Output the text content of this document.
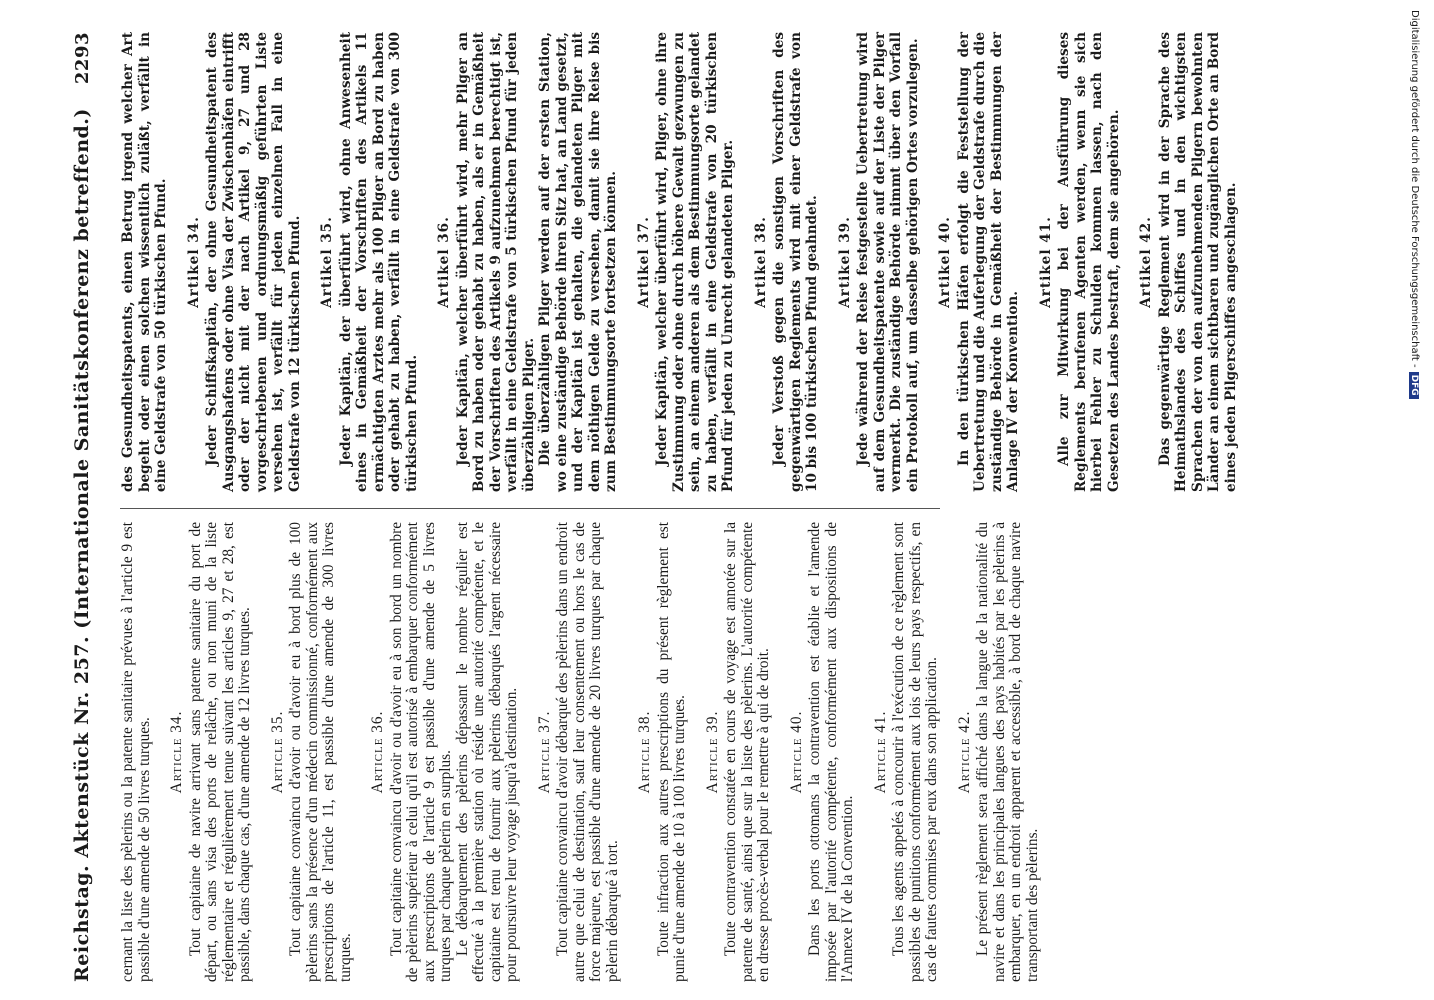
Reichstag. Aktenstück Nr. 257. (Internationale Sanitätskonferenz betreffend.)
2293

cernant la liste des pèlerins ou la patente sanitaire prévues à l'article 9 est passible d'une amende de 50 livres turques. Article 34. Tout capitaine de navire arrivant sans patente sanitaire du port de départ, ou sans visa des ports de relâche, ou non muni de la liste réglementaire et régulièrement tenue suivant les articles 9, 27 et 28, est passible, dans chaque cas, d'une amende de 12 livres turques. Article 35. Tout capitaine convaincu d'avoir ou d'avoir eu à bord plus de 100 pèlerins sans la présence d'un médecin commissionné, conformément aux prescriptions de l'article 11, est passible d'une amende de 300 livres turques.

Article 36. Tout capitaine convaincu d'avoir ou d'avoir eu à son bord un nombre de pèlerins supérieur à celui qu'il est autorisé à embarquer conformément aux prescriptions de l'article 9 est passible d'une amende de 5 livres turques par chaque pèlerin en surplus. Le débarquement des pèlerins dépassant le nombre régulier est effectué à la première station où réside une autorité compétente, et le capitaine est tenu de fournir aux pèlerins débarqués l'argent nécessaire pour poursuivre leur voyage jusqu'à destination. Article 37. Tout capitaine convaincu d'avoir débarqué des pèlerins dans un endroit autre que celui de destination, sauf leur consentement ou hors le cas de force majeure, est passible d'une amende de 20 livres turques par chaque pèlerin débarqué à tort.

Article 38. Toute infraction aux autres prescriptions du présent règlement est punie d'une amende de 10 à 100 livres turques. Article 39. Toute contravention constatée en cours de voyage est annotée sur la patente de santé, ainsi que sur la liste des pèlerins. L'autorité compétente en dresse procès-verbal pour le remettre à qui de droit. Article 40. Dans les ports ottomans la contravention est établie et l'amende imposée par l'autorité compétente, conformément aux dispositions de l'Annexe IV de la Convention.

Article 41. Tous les agents appelés à concourir à l'exécution de ce règlement sont passibles de punitions conformément aux lois de leurs pays respectifs, en cas de fautes commises par eux dans son application. Article 42. Le présent règlement sera affiché dans la langue de la nationalité du navire et dans les principales langues des pays habités par les pèlerins à embarquer, en un endroit apparent et accessible, à bord de chaque navire transportant des pèlerins.

des Gesundheitspatents, einen Betrug irgend welcher Art begeht oder einen solchen wissentlich zuläßt, verfällt in eine Geldstrafe von 50 türkischen Pfund. Artikel 34. Jeder Schiffskapitän, der ohne Gesundheitspatent des Ausgangshafens oder ohne Visa der Zwischenhäfen eintrifft oder der nicht mit der nach Artikel 9, 27 und 28 vorgeschriebenen und ordnungsmäßig geführten Liste versehen ist, verfällt für jeden einzelnen Fall in eine Geldstrafe von 12 türkischen Pfund. Artikel 35. Jeder Kapitän, der überführt wird, ohne Anwesenheit eines in Gemäßheit der Vorschriften des Artikels 11 ermächtigten Arztes mehr als 100 Pilger an Bord zu haben oder gehabt zu haben, verfällt in eine Geldstrafe von 300 türkischen Pfund.

Artikel 36. Jeder Kapitän, welcher überführt wird, mehr Pilger an Bord zu haben oder gehabt zu haben, als er in Gemäßheit der Vorschriften des Artikels 9 aufzunehmen berechtigt ist, verfällt in eine Geldstrafe von 5 türkischen Pfund für jeden überzähligen Pilger. Die überzähligen Pilger werden auf der ersten Station, wo eine zuständige Behörde ihren Sitz hat, an Land gesetzt, und der Kapitän ist gehalten, die gelandeten Pilger mit dem nöthigen Gelde zu versehen, damit sie ihre Reise bis zum Bestimmungsorte fortsetzen können. Artikel 37. Jeder Kapitän, welcher überführt wird, Pilger, ohne ihre Zustimmung oder ohne durch höhere Gewalt gezwungen zu sein, an einem anderen als dem Bestimmungsorte gelandet zu haben, verfällt in eine Geldstrafe von 20 türkischen Pfund für jeden zu Unrecht gelandeten Pilger. Artikel 38. Jeder Verstoß gegen die sonstigen Vorschriften des gegenwärtigen Reglements wird mit einer Geldstrafe von 10 bis 100 türkischen Pfund geahndet. Artikel 39. Jede während der Reise festgestellte Uebertretung wird auf dem Gesundheitspatente sowie auf der Liste der Pilger vermerkt. Die zuständige Behörde nimmt über den Vorfall ein Protokoll auf, um dasselbe gehörigen Ortes vorzulegen. Artikel 40. In den türkischen Häfen erfolgt die Feststellung der Uebertretung und die Auferlegung der Geldstrafe durch die zuständige Behörde in Gemäßheit der Bestimmungen der Anlage IV der Konvention.

Artikel 41. Alle zur Mitwirkung bei der Ausführung dieses Reglements berufenen Agenten werden, wenn sie sich hierbei Fehler zu Schulden kommen lassen, nach den Gesetzen des Landes bestraft, dem sie angehören. Artikel 42. Das gegenwärtige Reglement wird in der Sprache des Heimathslandes des Schiffes und in den wichtigsten Sprachen der von den aufzunehmenden Pilgern bewohnten Länder an einem sichtbaren und zugänglichen Orte an Bord eines jeden Pilgerschiffes angeschlagen.	Digitalisierung gefördert durch die Deutsche Forschungsgemeinschaft -DFG
